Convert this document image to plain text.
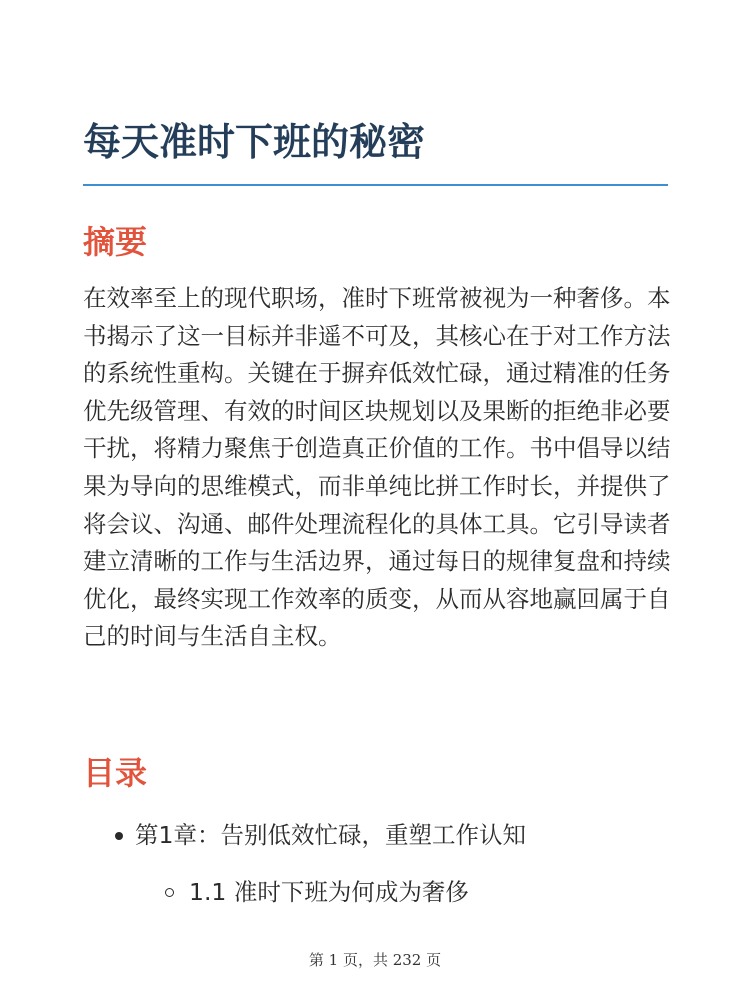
每天准时下班的秘密
摘要

在效率至上的现代职场，准时下班常被视为一种奢侈。本书揭示了这一目标并非遥不可及，其核心在于对工作方法的系统性重构。关键在于摒弃低效忙碌，通过精准的任务优先级管理、有效的时间区块规划以及果断的拒绝非必要干扰，将精力聚焦于创造真正价值的工作。书中倡导以结果为导向的思维模式，而非单纯比拼工作时长，并提供了将会议、沟通、邮件处理流程化的具体工具。它引导读者建立清晰的工作与生活边界，通过每日的规律复盘和持续优化，最终实现工作效率的质变，从而从容地赢回属于自己的时间与生活自主权。

目录
第1章：告别低效忙碌，重塑工作认知
1.1 准时下班为何成为奢侈
第 1 页，共 232 页
